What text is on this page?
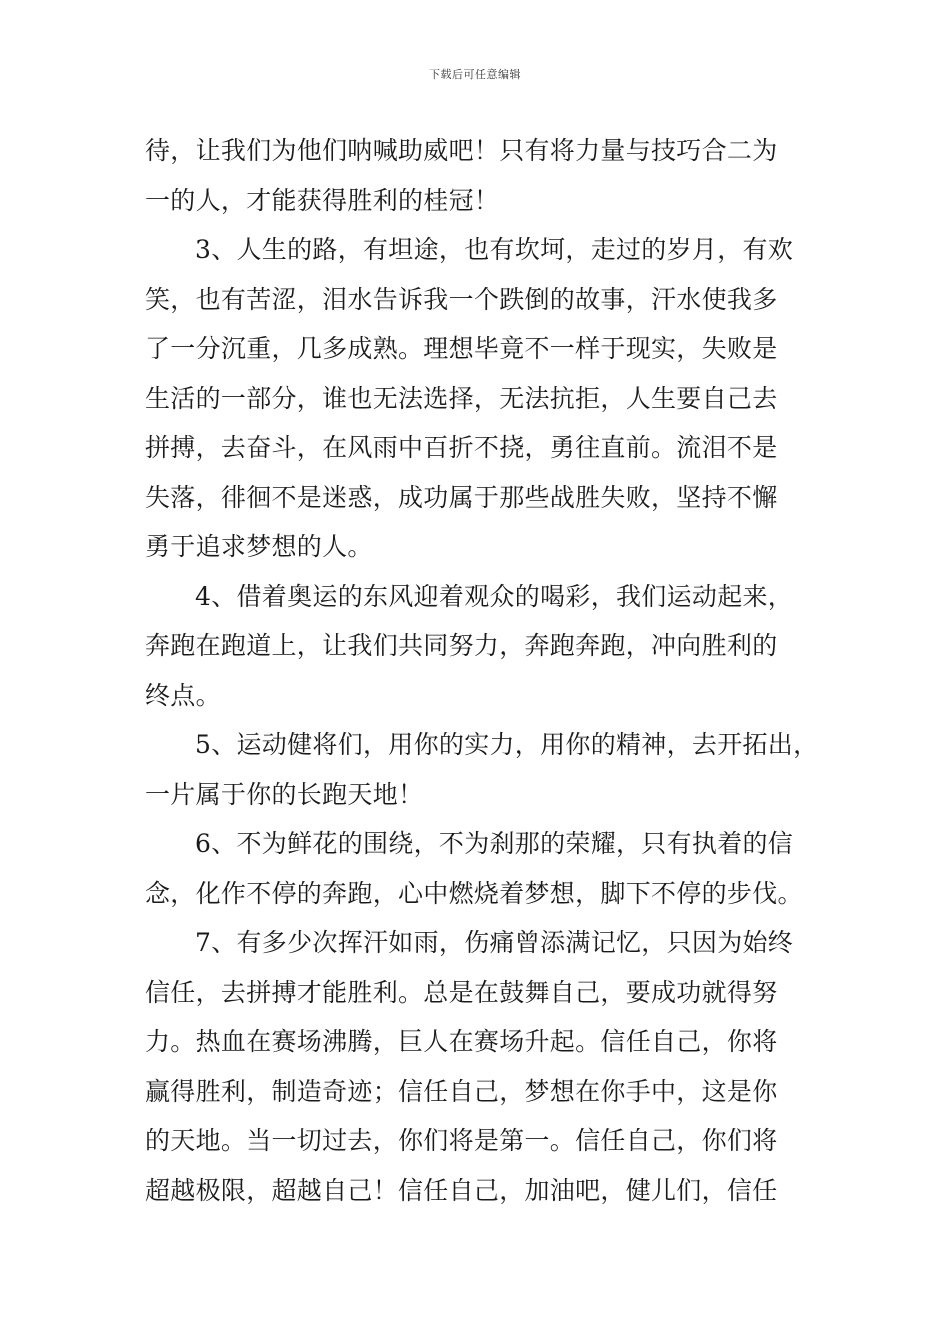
下载后可任意编辑
待，让我们为他们呐喊助威吧！只有将力量与技巧合二为
一的人，才能获得胜利的桂冠！
3、人生的路，有坦途，也有坎坷，走过的岁月，有欢
笑，也有苦涩，泪水告诉我一个跌倒的故事，汗水使我多
了一分沉重，几多成熟。理想毕竟不一样于现实，失败是
生活的一部分，谁也无法选择，无法抗拒，人生要自己去
拼搏，去奋斗，在风雨中百折不挠，勇往直前。流泪不是
失落，徘徊不是迷惑，成功属于那些战胜失败，坚持不懈
勇于追求梦想的人。
4、借着奥运的东风迎着观众的喝彩，我们运动起来，
奔跑在跑道上，让我们共同努力，奔跑奔跑，冲向胜利的
终点。
5、运动健将们，用你的实力，用你的精神，去开拓出，
一片属于你的长跑天地！
6、不为鲜花的围绕，不为刹那的荣耀，只有执着的信
念，化作不停的奔跑，心中燃烧着梦想，脚下不停的步伐。
7、有多少次挥汗如雨，伤痛曾添满记忆，只因为始终
信任，去拼搏才能胜利。总是在鼓舞自己，要成功就得努
力。热血在赛场沸腾，巨人在赛场升起。信任自己，你将
赢得胜利，制造奇迹；信任自己，梦想在你手中，这是你
的天地。当一切过去，你们将是第一。信任自己，你们将
超越极限，超越自己！信任自己，加油吧，健儿们，信任
